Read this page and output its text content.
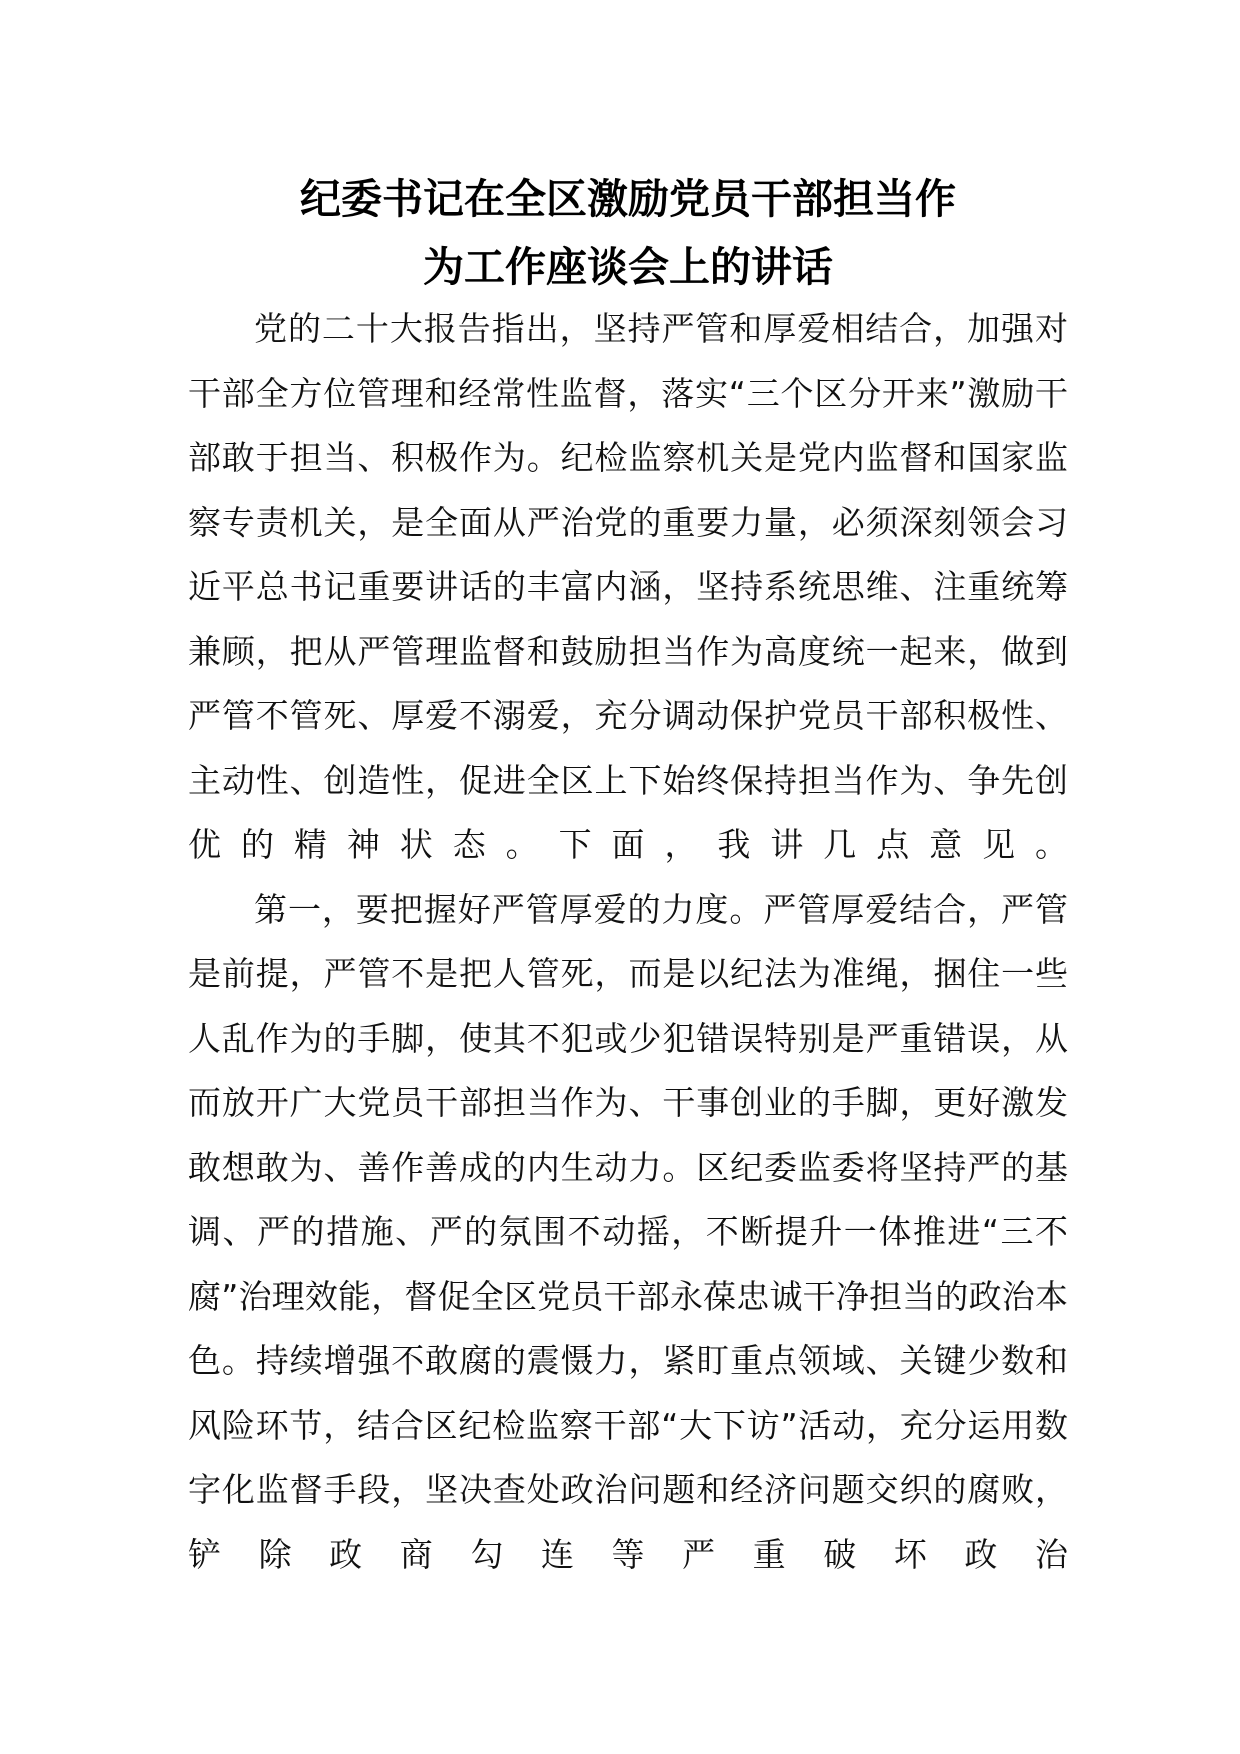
纪委书记在全区激励党员干部担当作
为工作座谈会上的讲话

党的二十大报告指出，坚持严管和厚爱相结合，加强对干部全方位管理和经常性监督，落实“三个区分开来”激励干部敢于担当、积极作为。纪检监察机关是党内监督和国家监察专责机关，是全面从严治党的重要力量，必须深刻领会习近平总书记重要讲话的丰富内涵，坚持系统思维、注重统筹兼顾，把从严管理监督和鼓励担当作为高度统一起来，做到严管不管死、厚爱不溺爱，充分调动保护党员干部积极性、主动性、创造性，促进全区上下始终保持担当作为、争先创优的精神状态。下面，我讲几点意见。

第一，要把握好严管厚爱的力度。严管厚爱结合，严管是前提，严管不是把人管死，而是以纪法为准绳，捆住一些人乱作为的手脚，使其不犯或少犯错误特别是严重错误，从而放开广大党员干部担当作为、干事创业的手脚，更好激发敢想敢为、善作善成的内生动力。区纪委监委将坚持严的基调、严的措施、严的氛围不动摇，不断提升一体推进“三不腐”治理效能，督促全区党员干部永葆忠诚干净担当的政治本色。持续增强不敢腐的震慑力，紧盯重点领域、关键少数和风险环节，结合区纪检监察干部“大下访”活动，充分运用数字化监督手段，坚决查处政治问题和经济问题交织的腐败，铲除政商勾连等严重破坏政治
